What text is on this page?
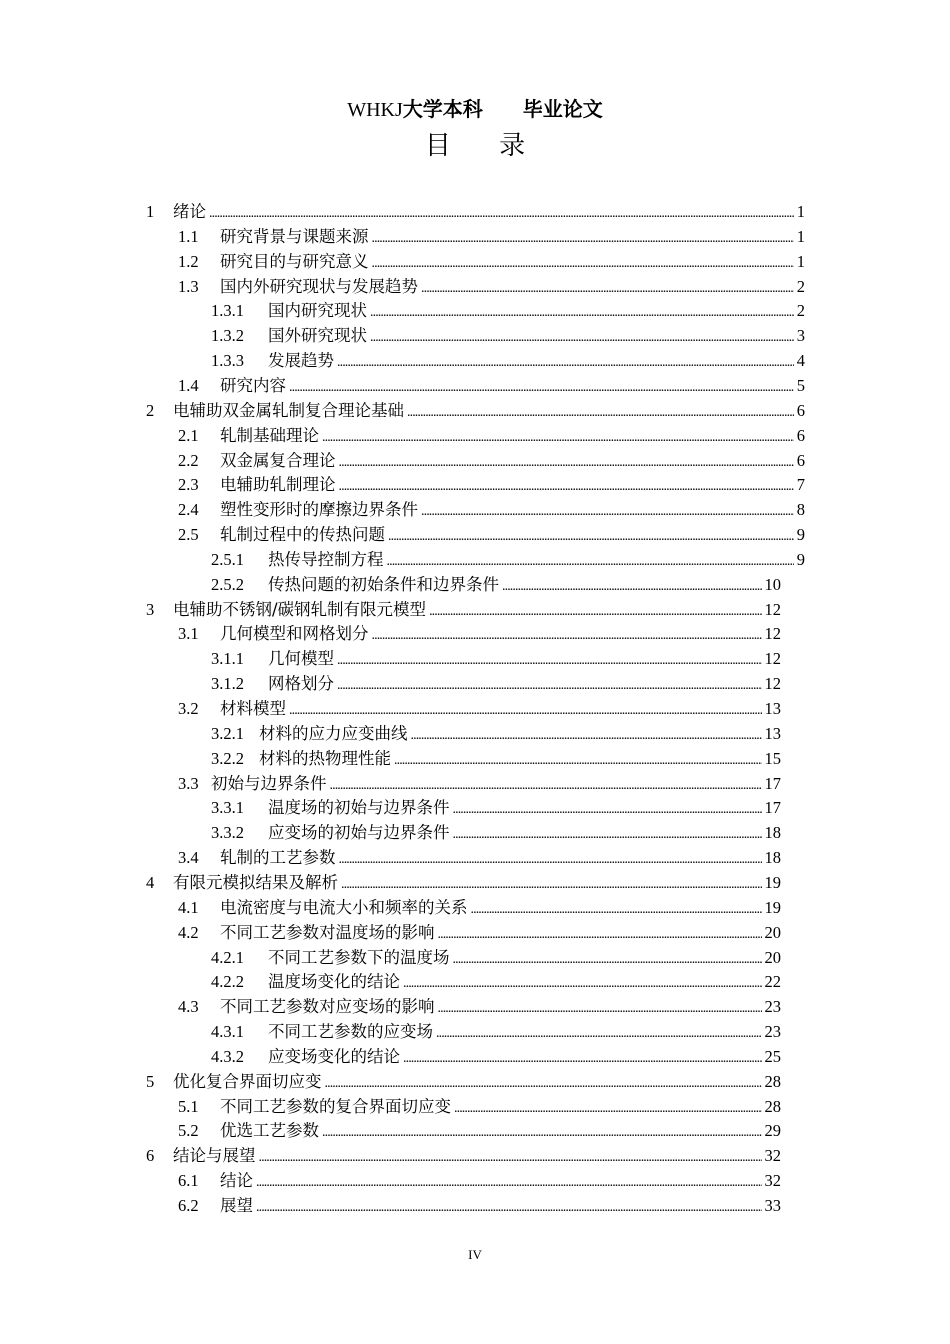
WHKJ大学本科　　毕业论文
目 录
1	绪论 . . .	1
1.1	研究背景与课题来源 . . .	1
1.2	研究目的与研究意义 . . .	1
1.3	国内外研究现状与发展趋势 . . .	2
1.3.1	国内研究现状 . . .	2
1.3.2	国外研究现状 . . .	3
1.3.3	发展趋势 . . .	4
1.4	研究内容 . . .	5
2	电辅助双金属轧制复合理论基础 . . .	6
2.1	轧制基础理论 . . .	6
2.2	双金属复合理论 . . .	6
2.3	电辅助轧制理论 . . .	7
2.4	塑性变形时的摩擦边界条件 . . .	8
2.5	轧制过程中的传热问题 . . .	9
2.5.1	热传导控制方程 . . .	9
2.5.2	传热问题的初始条件和边界条件 . . .	10
3	电辅助不锈钢/碳钢轧制有限元模型 . . .	12
3.1	几何模型和网格划分 . . .	12
3.1.1	几何模型 . . .	12
3.1.2	网格划分 . . .	12
3.2	材料模型 . . .	13
3.2.1 材料的应力应变曲线 . . .	13
3.2.2 材料的热物理性能 . . .	15
3.3 初始与边界条件 . . .	17
3.3.1	温度场的初始与边界条件 . . .	17
3.3.2	应变场的初始与边界条件 . . .	18
3.4	轧制的工艺参数 . . .	18
4	有限元模拟结果及解析 . . .	19
4.1	电流密度与电流大小和频率的关系 . . .	19
4.2	不同工艺参数对温度场的影响 . . .	20
4.2.1	不同工艺参数下的温度场 . . .	20
4.2.2	温度场变化的结论 . . .	22
4.3	不同工艺参数对应变场的影响 . . .	23
4.3.1	不同工艺参数的应变场 . . .	23
4.3.2	应变场变化的结论 . . .	25
5	优化复合界面切应变 . . .	28
5.1	不同工艺参数的复合界面切应变 . . .	28
5.2	优选工艺参数 . . .	29
6	结论与展望 . . .	32
6.1	结论 . . .	32
6.2	展望 . . .	33
IV
